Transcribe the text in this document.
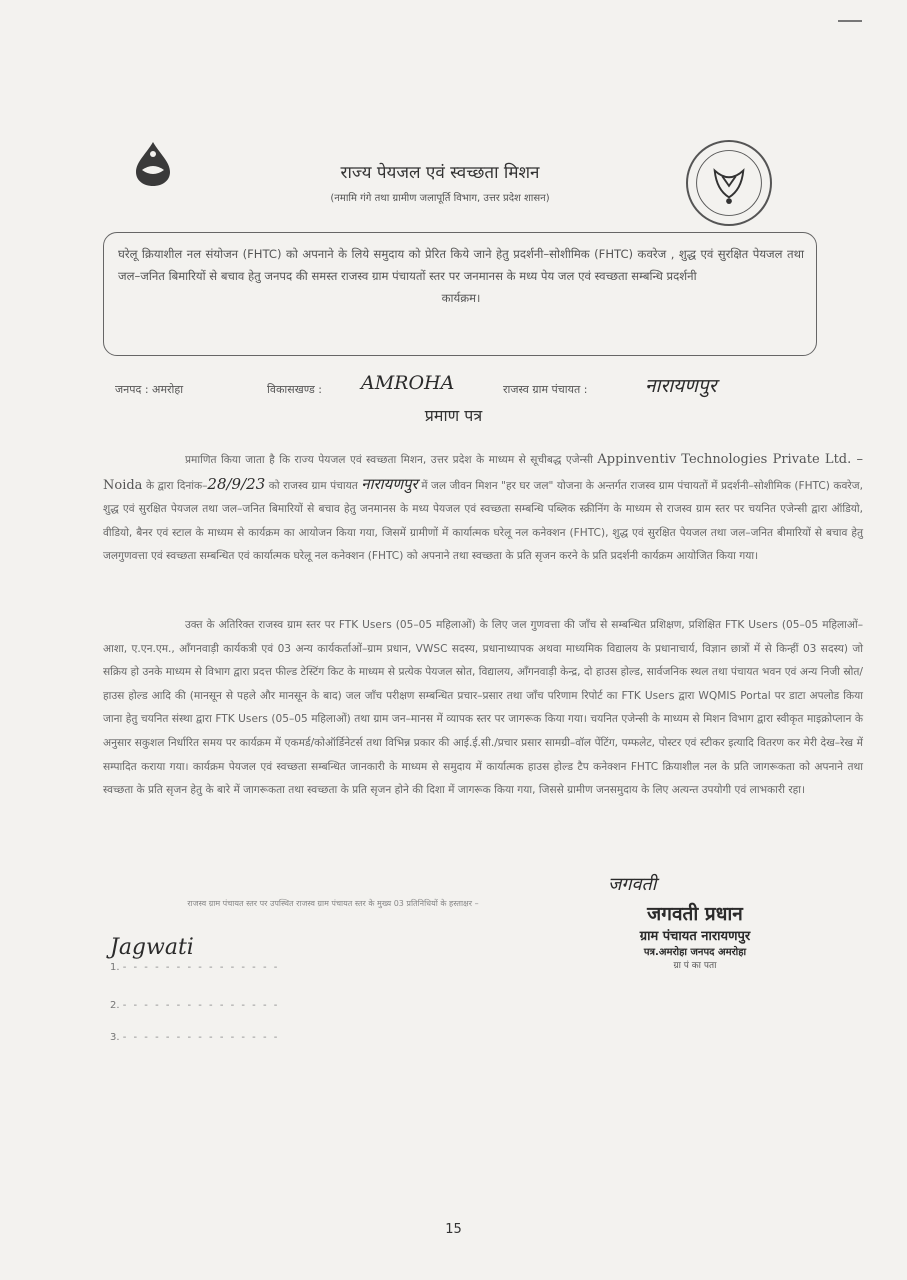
राज्य पेयजल एवं स्वच्छता मिशन
(नमामि गंगे तथा ग्रामीण जलापूर्ति विभाग, उत्तर प्रदेश शासन)
घरेलू क्रियाशील नल संयोजन (FHTC) को अपनाने के लिये समुदाय को प्रेरित किये जाने हेतु प्रदर्शनी–सोशीमिक (FHTC) कवरेज , शुद्ध एवं सुरक्षित पेयजल तथा जल–जनित बिमारियों से बचाव हेतु जनपद की समस्त राजस्व ग्राम पंचायतों स्तर पर जनमानस के मध्य पेय जल एवं स्वच्छता सम्बन्धि प्रदर्शनी
कार्यक्रम।
जनपद : अमरोहा	विकासखण्ड : AMROHA	राजस्व ग्राम पंचायत :	नारायणपुर
प्रमाण पत्र

प्रमाणित किया जाता है कि राज्य पेयजल एवं स्वच्छता मिशन, उत्तर प्रदेश के माध्यम से सूचीबद्ध एजेन्सी Appinventiv Technologies Private Ltd. – Noida के द्वारा दिनांक–28/9/23 को राजस्व ग्राम पंचायत नारायणपुर में जल जीवन मिशन "हर घर जल" योजना के अन्तर्गत राजस्व ग्राम पंचायतों में प्रदर्शनी–सोशीमिक (FHTC) कवरेज, शुद्ध एवं सुरक्षित पेयजल तथा जल–जनित बिमारियों से बचाव हेतु जनमानस के मध्य पेयजल एवं स्वच्छता सम्बन्धि पब्लिक स्क्रीनिंग के माध्यम से राजस्व ग्राम स्तर पर चयनित एजेन्सी द्वारा ऑडियो, वीडियो, बैनर एवं स्टाल के माध्यम से कार्यक्रम का आयोजन किया गया, जिसमें ग्रामीणों में कार्यात्मक घरेलू नल कनेक्शन (FHTC), शुद्ध एवं सुरक्षित पेयजल तथा जल–जनित बीमारियों से बचाव हेतु जलगुणवत्ता एवं स्वच्छता सम्बन्धित एवं कार्यात्मक घरेलू नल कनेक्शन (FHTC) को अपनाने तथा स्वच्छता के प्रति सृजन करने के प्रति प्रदर्शनी कार्यक्रम आयोजित किया गया।

उक्त के अतिरिक्त राजस्व ग्राम स्तर पर FTK Users (05–05 महिलाओं) के लिए जल गुणवत्ता की जाँच से सम्बन्धित प्रशिक्षण, प्रशिक्षित FTK Users (05–05 महिलाओं–आशा, ए.एन.एम., आँगनवाड़ी कार्यकत्री एवं 03 अन्य कार्यकर्ताओं–ग्राम प्रधान, VWSC सदस्य, प्रधानाध्यापक अथवा माध्यमिक विद्यालय के प्रधानाचार्य, विज्ञान छात्रों में से किन्हीं 03 सदस्य) जो सक्रिय हो उनके माध्यम से विभाग द्वारा प्रदत्त फील्ड टेस्टिंग किट के माध्यम से प्रत्येक पेयजल स्रोत, विद्यालय, आँगनवाड़ी केन्द्र, दो हाउस होल्ड, सार्वजनिक स्थल तथा पंचायत भवन एवं अन्य निजी स्रोत/हाउस होल्ड आदि की (मानसून से पहले और मानसून के बाद) जल जाँच परीक्षण सम्बन्धित प्रचार–प्रसार तथा जाँच परिणाम रिपोर्ट का FTK Users द्वारा WQMIS Portal पर डाटा अपलोड किया जाना हेतु चयनित संस्था द्वारा FTK Users (05–05 महिलाओं) तथा ग्राम जन–मानस में व्यापक स्तर पर जागरूक किया गया। चयनित एजेन्सी के माध्यम से मिशन विभाग द्वारा स्वीकृत माइक्रोप्लान के अनुसार सकुशल निर्धारित समय पर कार्यक्रम में एकमर्ड/कोऑर्डिनेटर्स तथा विभिन्न प्रकार की आई.ई.सी./प्रचार प्रसार सामग्री–वॉल पेंटिंग, पम्फलेट, पोस्टर एवं स्टीकर इत्यादि वितरण कर मेरी देख–रेख में सम्पादित कराया गया। कार्यक्रम पेयजल एवं स्वच्छता सम्बन्धित जानकारी के माध्यम से समुदाय में कार्यात्मक हाउस होल्ड टैप कनेक्शन FHTC क्रियाशील नल के प्रति जागरूकता को अपनाने तथा स्वच्छता के प्रति सृजन हेतु के बारे में जागरूकता तथा स्वच्छता के प्रति सृजन होने की दिशा में जागरूक किया गया, जिससे ग्रामीण जनसमुदाय के लिए अत्यन्त उपयोगी एवं लाभकारी रहा।

राजस्व ग्राम पंचायत स्तर पर उपस्थित राजस्व ग्राम पंचायत स्तर के मुख्य 03 प्रतिनिधियों के हस्ताक्षर –
1. - - - - - - - - - - - - - - -
Jagwati
2. - - - - - - - - - - - - - - -
3. - - - - - - - - - - - - - - -
जगवती
जगवती प्रधान
ग्राम पंचायत नारायणपुर
पत्र.अमरोहा जनपद अमरोहा
ग्रा पं का पता
15
